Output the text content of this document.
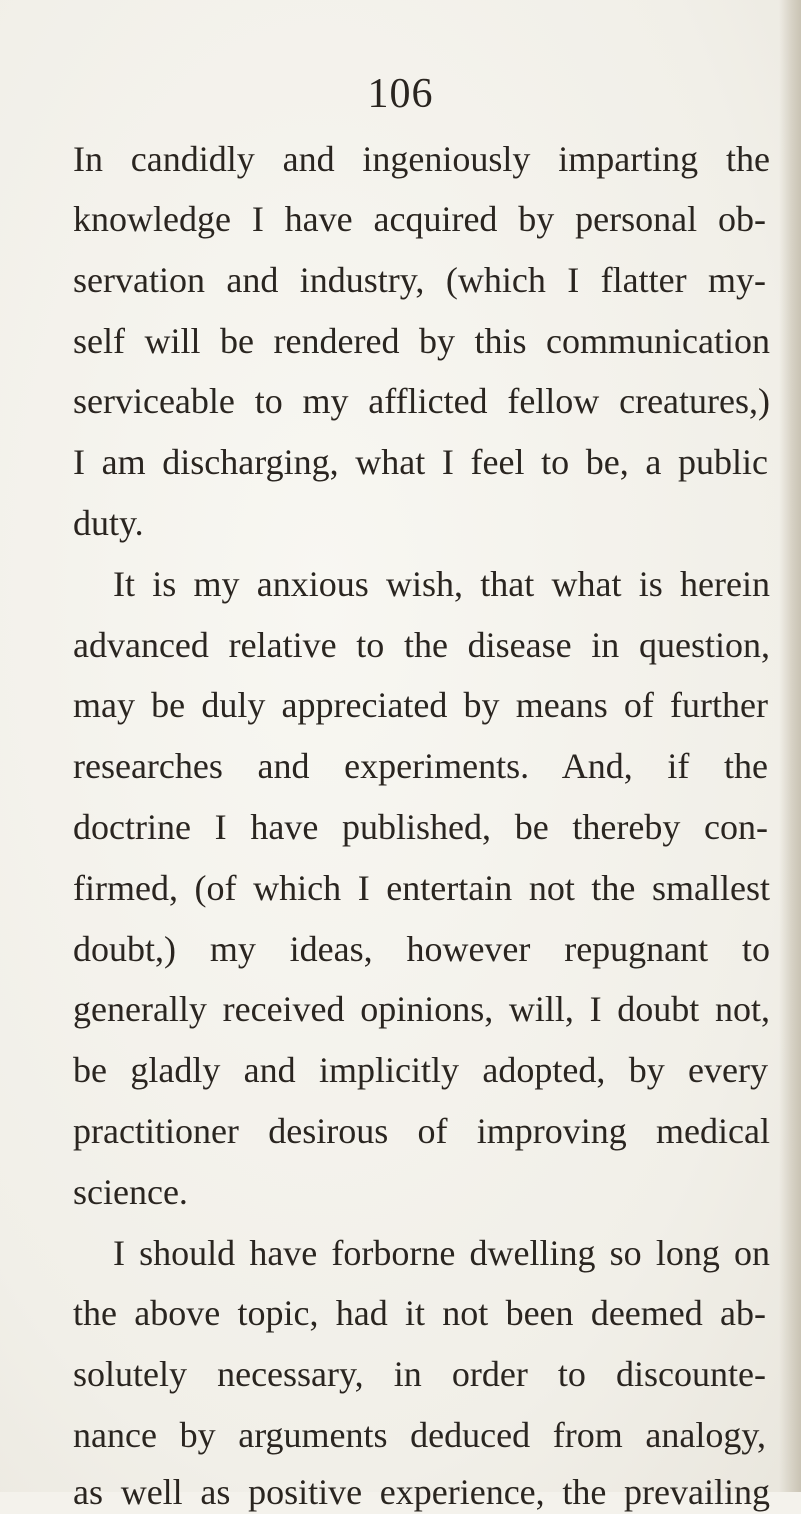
106
In candidly and ingeniously imparting the
knowledge I have acquired by personal ob-
servation and industry, (which I flatter my-
self will be rendered by this communication
serviceable to my afflicted fellow creatures,)
I am discharging, what I feel to be, a public
duty.
It is my anxious wish, that what is herein
advanced relative to the disease in question,
may be duly appreciated by means of further
researches and experiments. And, if the
doctrine I have published, be thereby con-
firmed, (of which I entertain not the smallest
doubt,) my ideas, however repugnant to
generally received opinions, will, I doubt not,
be gladly and implicitly adopted, by every
practitioner desirous of improving medical
science.
I should have forborne dwelling so long on
the above topic, had it not been deemed ab-
solutely necessary, in order to discounte-
nance by arguments deduced from analogy,
as well as positive experience, the prevailing
